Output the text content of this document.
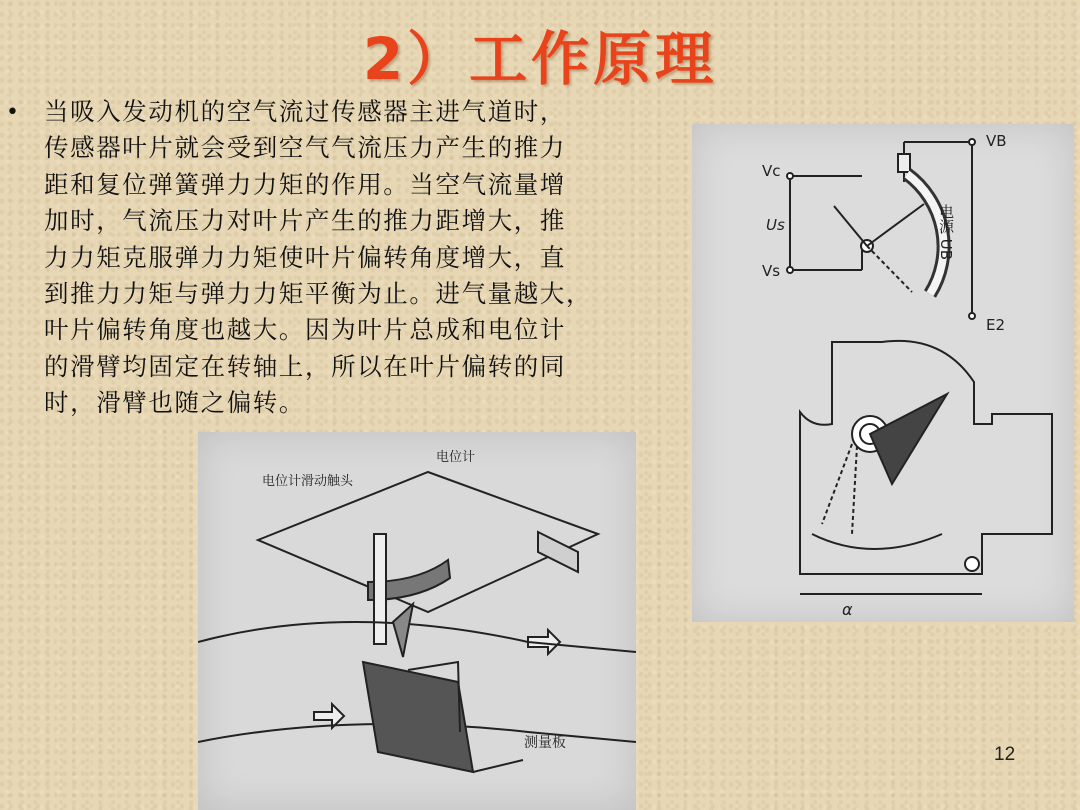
2）工作原理
• 当吸入发动机的空气流过传感器主进气道时，
传感器叶片就会受到空气气流压力产生的推力
距和复位弹簧弹力力矩的作用。当空气流量增
加时，气流压力对叶片产生的推力距增大，推
力力矩克服弹力力矩使叶片偏转角度增大，直
到推力力矩与弹力力矩平衡为止。进气量越大，
叶片偏转角度也越大。因为叶片总成和电位计
的滑臂均固定在转轴上，所以在叶片偏转的同
时，滑臂也随之偏转。
Vc
VB
Us
Vs
E2
电源 UB
α
电位计
电位计滑动触头
测量板
12
